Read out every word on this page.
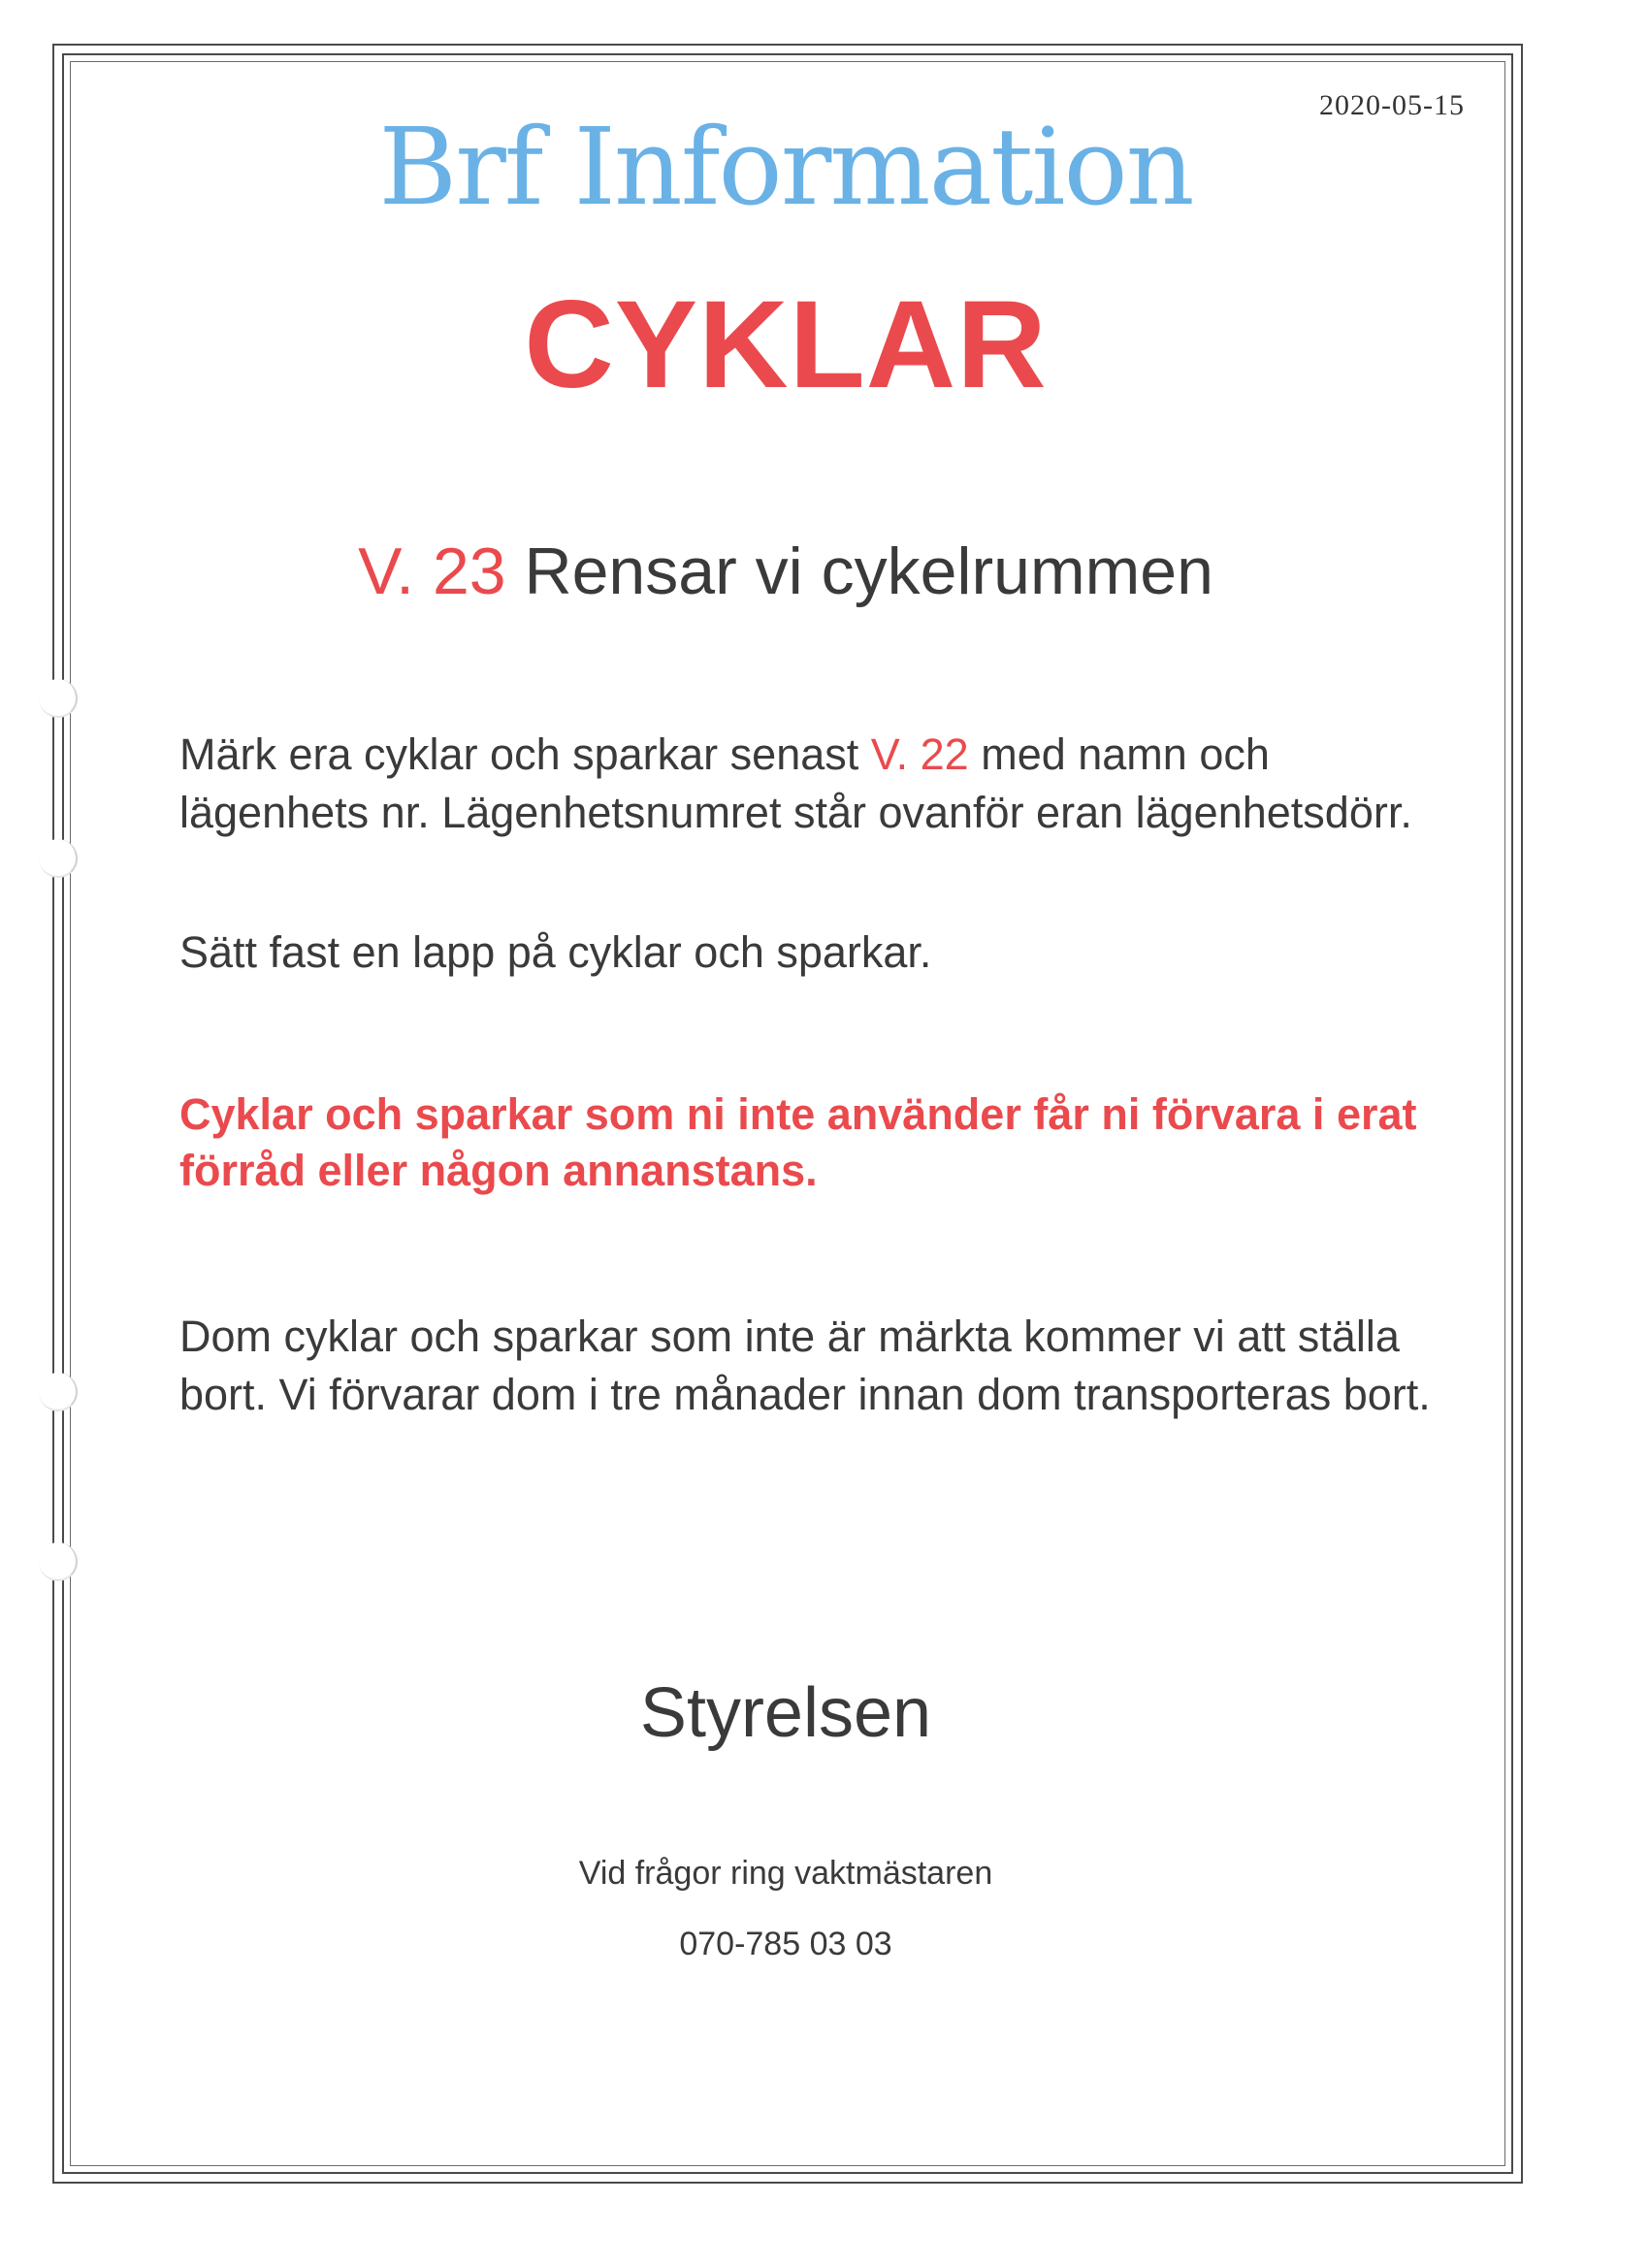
2020-05-15
Brf Information
CYKLAR
V. 23 Rensar vi cykelrummen
Märk era cyklar och sparkar senast V. 22 med namn och lägenhets nr. Lägenhetsnumret står ovanför eran lägenhetsdörr.
Sätt fast en lapp på cyklar och sparkar.
Cyklar och sparkar som ni inte använder får ni förvara i erat förråd eller någon annanstans.
Dom cyklar och sparkar som inte är märkta kommer vi att ställa bort. Vi förvarar dom i tre månader innan dom transporteras bort.
Styrelsen
Vid frågor ring vaktmästaren
070-785 03 03
